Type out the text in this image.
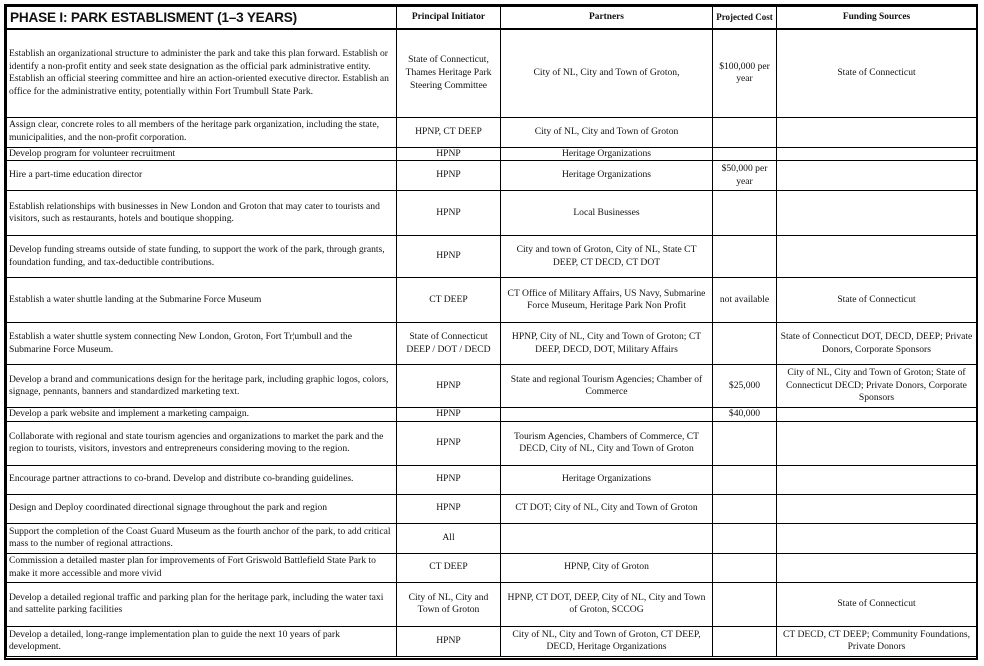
PHASE I: PARK ESTABLISMENT (1–3 YEARS)	Principal Initiator	Partners	Projected Cost	Funding Sources
Establish an organizational structure to administer the park and take this plan forward. Establish or identify a non-profit entity and seek state designation as the official park administrative entity. Establish an official steering committee and hire an action-oriented executive director. Establish an office for the administrative entity, potentially within Fort Trumbull State Park.	State of Connecticut, Thames Heritage Park Steering Committee	City of NL, City and Town of Groton,	$100,000 per year	State of Connecticut
Assign clear, concrete roles to all members of the heritage park organization, including the state, municipalities, and the non-profit corporation.	HPNP, CT DEEP	City of NL, City and Town of Groton		
Develop program for volunteer recruitment	HPNP	Heritage Organizations		
Hire a part-time education director	HPNP	Heritage Organizations	$50,000 per year	
Establish relationships with businesses in New London and Groton that may cater to tourists and visitors, such as restaurants, hotels and boutique shopping.	HPNP	Local Businesses		
Develop funding streams outside of state funding, to support the work of the park, through grants, foundation funding, and tax-deductible contributions.	HPNP	City and town of Groton, City of NL, State CT DEEP, CT DECD, CT DOT		
Establish a water shuttle landing at the Submarine Force Museum	CT DEEP	CT Office of Military Affairs, US Navy, Submarine Force Museum, Heritage Park Non Profit	not available	State of Connecticut
Establish a water shuttle system connecting New London, Groton, Fort Tr¦umbull and the Submarine Force Museum.	State of Connecticut DEEP / DOT / DECD	HPNP, City of NL, City and Town of Groton; CT DEEP, DECD, DOT, Military Affairs		State of Connecticut DOT, DECD, DEEP; Private Donors, Corporate Sponsors
Develop a brand and communications design for the heritage park, including graphic logos, colors, signage, pennants, banners and standardized marketing text.	HPNP	State and regional Tourism Agencies; Chamber of Commerce	$25,000	City of NL, City and Town of Groton; State of Connecticut DECD; Private Donors, Corporate Sponsors
Develop a park website and implement a marketing campaign.	HPNP		$40,000	
Collaborate with regional and state tourism agencies and organizations to market the park and the region to tourists, visitors, investors and entrepreneurs considering moving to the region.	HPNP	Tourism Agencies, Chambers of Commerce, CT DECD, City of NL, City and Town of Groton		
Encourage partner attractions to co-brand. Develop and distribute co-branding guidelines.	HPNP	Heritage Organizations		
Design and Deploy coordinated directional signage throughout the park and region	HPNP	CT DOT; City of NL, City and Town of Groton		
Support the completion of the Coast Guard Museum as the fourth anchor of the park, to add critical mass to the number of regional attractions.	All			
Commission a detailed master plan for improvements of Fort Griswold Battlefield State Park to make it more accessible and more vivid	CT DEEP	HPNP, City of Groton		
Develop a detailed regional traffic and parking plan for the heritage park, including the water taxi and sattelite parking facilities	City of NL, City and Town of Groton	HPNP, CT DOT, DEEP, City of NL, City and Town of Groton, SCCOG		State of Connecticut
Develop a detailed, long-range implementation plan to guide the next 10 years of park development.	HPNP	City of NL, City and Town of Groton, CT DEEP, DECD, Heritage Organizations		CT DECD, CT DEEP; Community Foundations, Private Donors
